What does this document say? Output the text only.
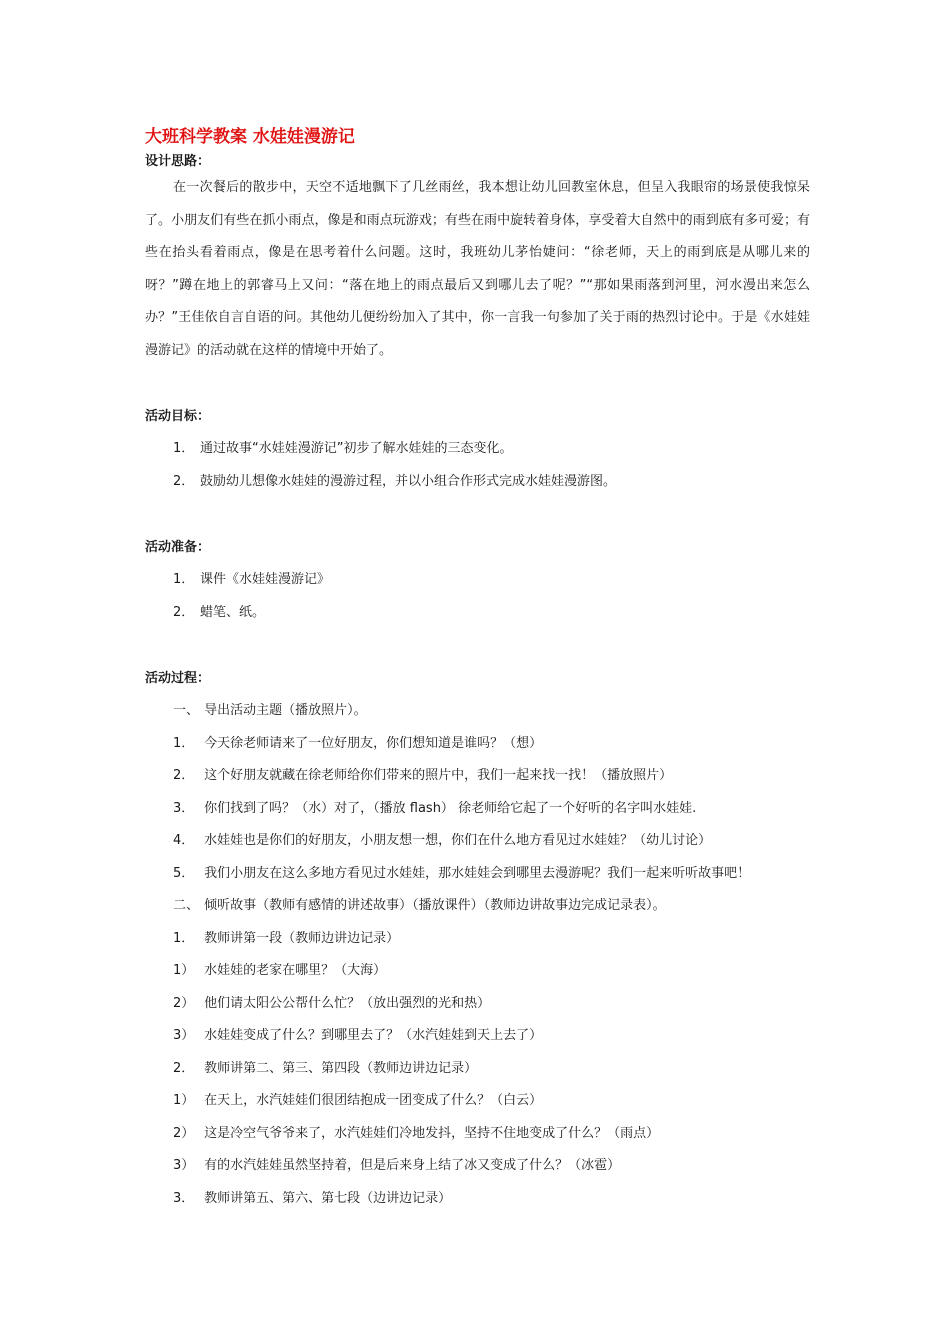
大班科学教案 水娃娃漫游记
设计思路：

在一次餐后的散步中，天空不适地飘下了几丝雨丝，我本想让幼儿回教室休息，但呈入我眼帘的场景使我惊呆了。小朋友们有些在抓小雨点，像是和雨点玩游戏；有些在雨中旋转着身体，享受着大自然中的雨到底有多可爱；有些在抬头看着雨点，像是在思考着什么问题。这时，我班幼儿茅怡婕问：“徐老师，天上的雨到底是从哪儿来的呀？”蹲在地上的郭睿马上又问：“落在地上的雨点最后又到哪儿去了呢？”“那如果雨落到河里，河水漫出来怎么办？”王佳依自言自语的问。其他幼儿便纷纷加入了其中，你一言我一句参加了关于雨的热烈讨论中。于是《水娃娃漫游记》的活动就在这样的情境中开始了。

活动目标：
1． 通过故事“水娃娃漫游记”初步了解水娃娃的三态变化。
2． 鼓励幼儿想像水娃娃的漫游过程，并以小组合作形式完成水娃娃漫游图。
活动准备：
1． 课件《水娃娃漫游记》
2． 蜡笔、纸。
活动过程：
一、 导出活动主题（播放照片）。
1． 今天徐老师请来了一位好朋友，你们想知道是谁吗？（想）
2． 这个好朋友就藏在徐老师给你们带来的照片中，我们一起来找一找！（播放照片）
3． 你们找到了吗？（水）对了，（播放 flash） 徐老师给它起了一个好听的名字叫水娃娃.
4． 水娃娃也是你们的好朋友，小朋友想一想，你们在什么地方看见过水娃娃？（幼儿讨论）
5． 我们小朋友在这么多地方看见过水娃娃，那水娃娃会到哪里去漫游呢？我们一起来听听故事吧！
二、 倾听故事（教师有感情的讲述故事）（播放课件）（教师边讲故事边完成记录表）。
1． 教师讲第一段（教师边讲边记录）
1） 水娃娃的老家在哪里？（大海）
2） 他们请太阳公公帮什么忙？（放出强烈的光和热）
3） 水娃娃变成了什么？到哪里去了？（水汽娃娃到天上去了）
2． 教师讲第二、第三、第四段（教师边讲边记录）
1） 在天上，水汽娃娃们很团结抱成一团变成了什么？（白云）
2） 这是冷空气爷爷来了，水汽娃娃们冷地发抖，坚持不住地变成了什么？（雨点）
3） 有的水汽娃娃虽然坚持着，但是后来身上结了冰又变成了什么？（冰雹）
3． 教师讲第五、第六、第七段（边讲边记录）
